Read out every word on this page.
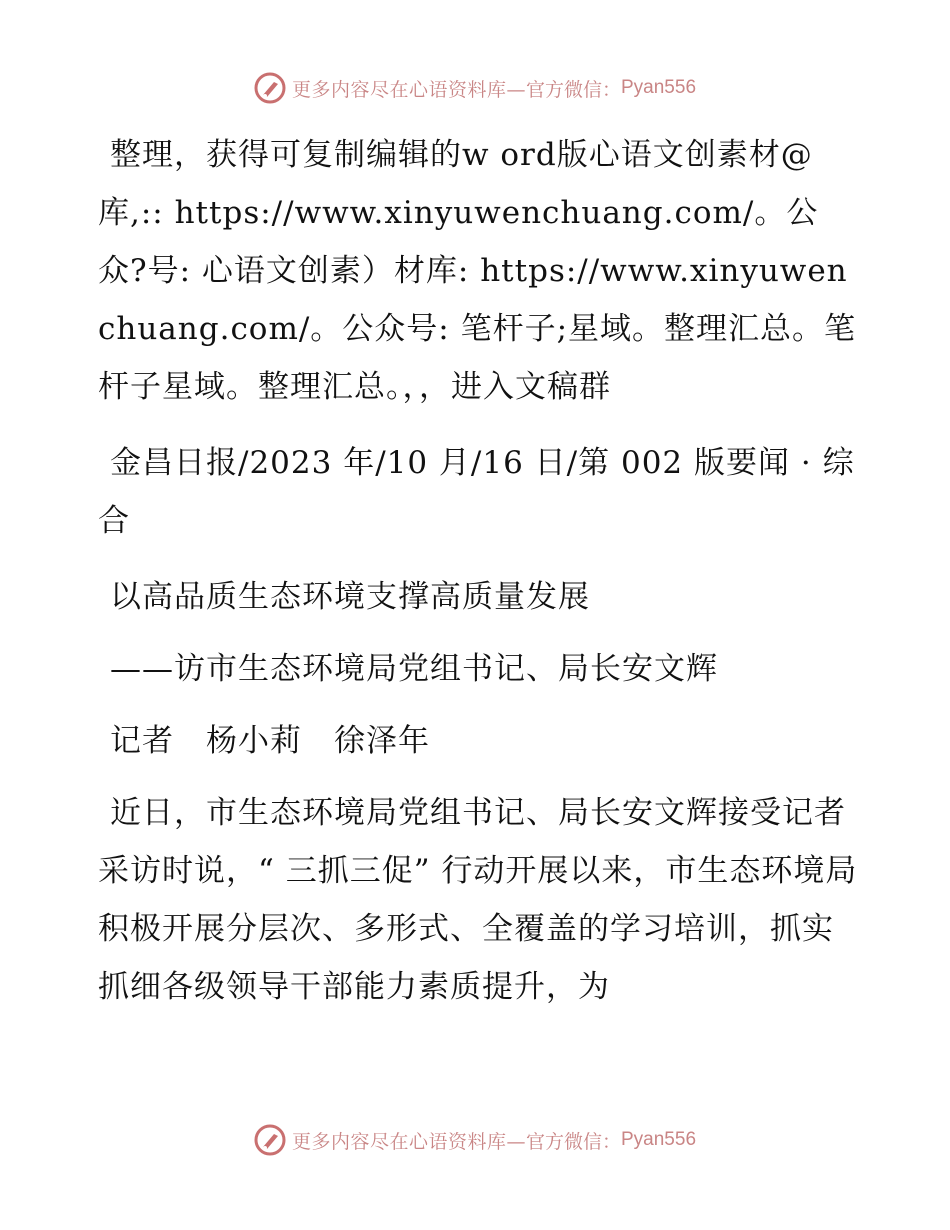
更多内容尽在心语资料库— 官方微信： Pyan556

整理，获得可复制编辑的w ord版心语文创素材@库,:: https://www.xinyuwenchuang.com/。公众?号: 心语文创素）材库: https://www.xinyuwenchuang.com/。公众号: 笔杆子;星域。整理汇总。笔杆子星域。整理汇总。，，进入文稿群

金昌日报/2023 年/10 月/16 日/第 002 版要闻 · 综合

以高品质生态环境支撑高质量发展

——访市生态环境局党组书记、局长安文辉

记者　杨小莉　徐泽年

近日，市生态环境局党组书记、局长安文辉接受记者采访时说，“ 三抓三促” 行动开展以来，市生态环境局积极开展分层次、多形式、全覆盖的学习培训，抓实抓细各级领导干部能力素质提升，为

更多内容尽在心语资料库— 官方微信： Pyan556
